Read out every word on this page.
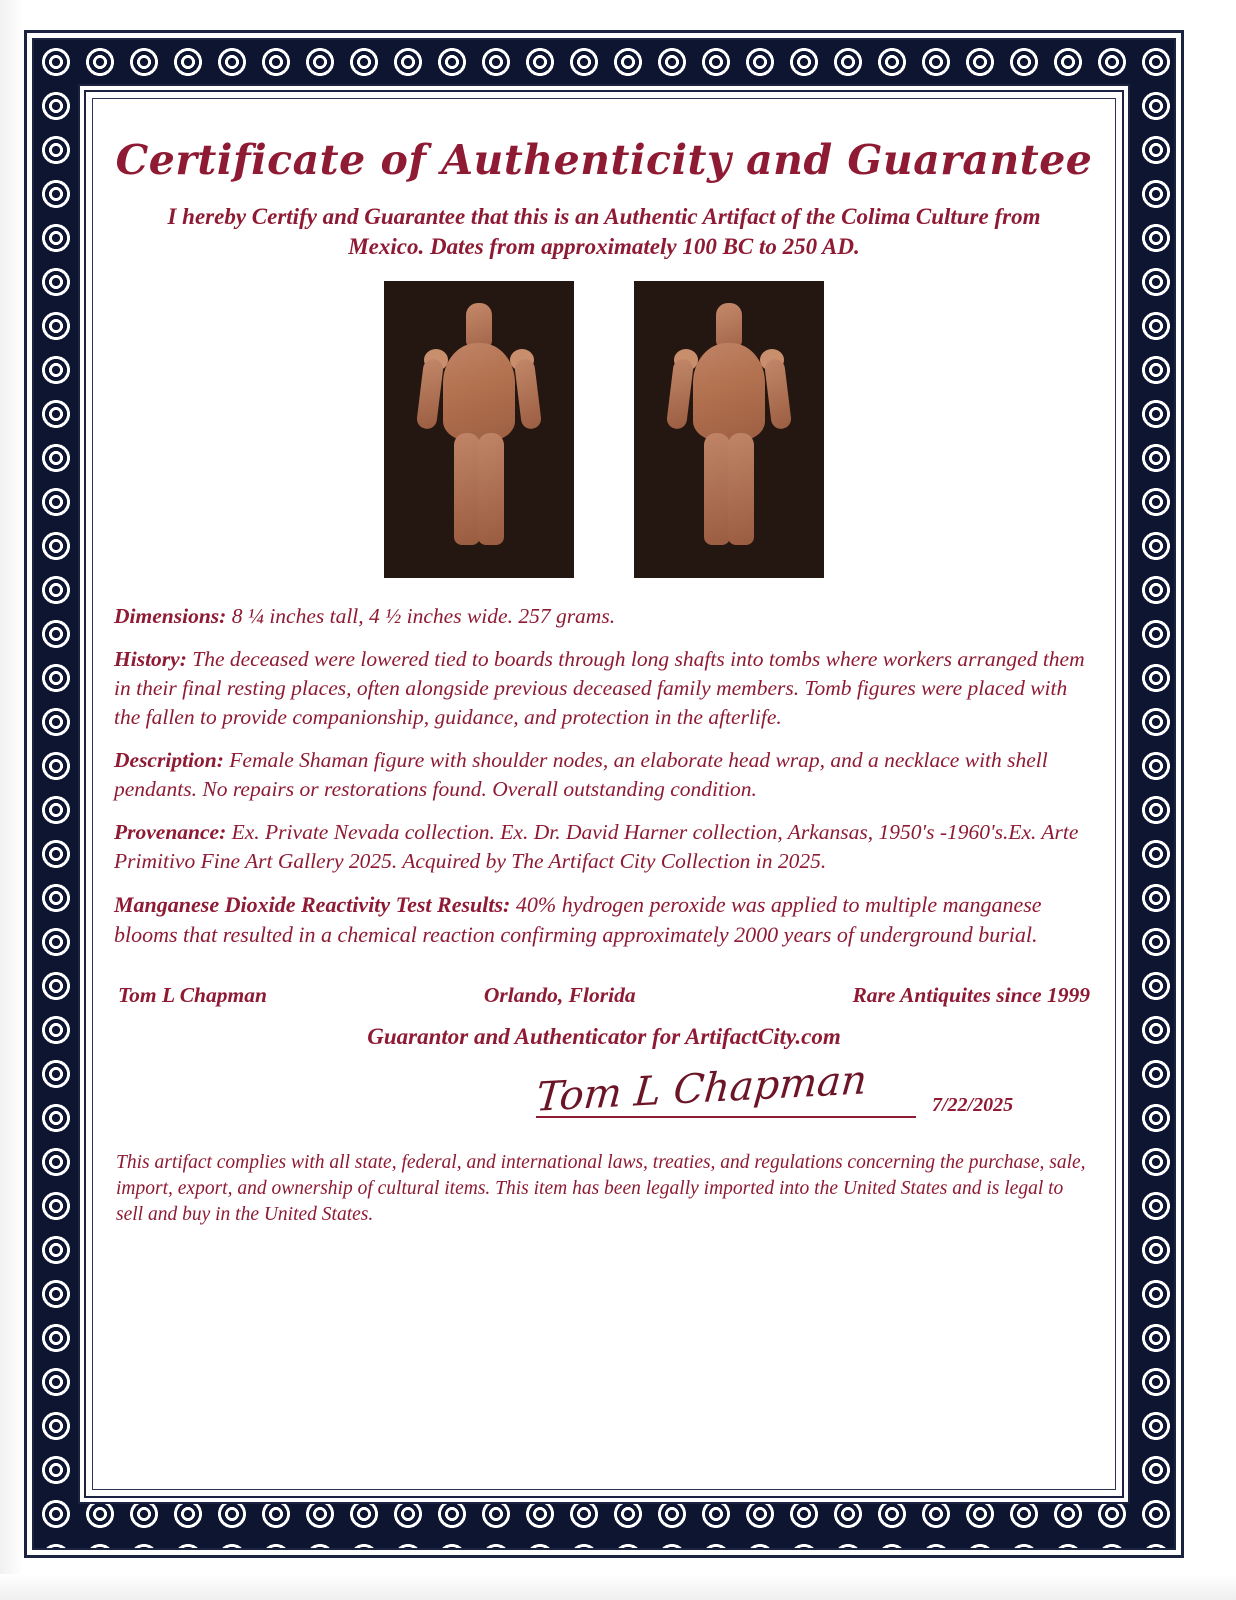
Certificate of Authenticity and Guarantee
I hereby Certify and Guarantee that this is an Authentic Artifact of the Colima Culture from Mexico. Dates from approximately 100 BC to 250 AD.
Dimensions: 8 ¼ inches tall, 4 ½ inches wide. 257 grams.
History: The deceased were lowered tied to boards through long shafts into tombs where workers arranged them in their final resting places, often alongside previous deceased family members. Tomb figures were placed with the fallen to provide companionship, guidance, and protection in the afterlife.
Description: Female Shaman figure with shoulder nodes, an elaborate head wrap, and a necklace with shell pendants. No repairs or restorations found. Overall outstanding condition.
Provenance: Ex. Private Nevada collection. Ex. Dr. David Harner collection, Arkansas, 1950's -1960's.Ex. Arte Primitivo Fine Art Gallery 2025. Acquired by The Artifact City Collection in 2025.
Manganese Dioxide Reactivity Test Results: 40% hydrogen peroxide was applied to multiple manganese blooms that resulted in a chemical reaction confirming approximately 2000 years of underground burial.
Tom L Chapman	Orlando, Florida	Rare Antiquites since 1999
Guarantor and Authenticator for ArtifactCity.com
Tom L Chapman	7/22/2025
This artifact complies with all state, federal, and international laws, treaties, and regulations concerning the purchase, sale, import, export, and ownership of cultural items. This item has been legally imported into the United States and is legal to sell and buy in the United States.
